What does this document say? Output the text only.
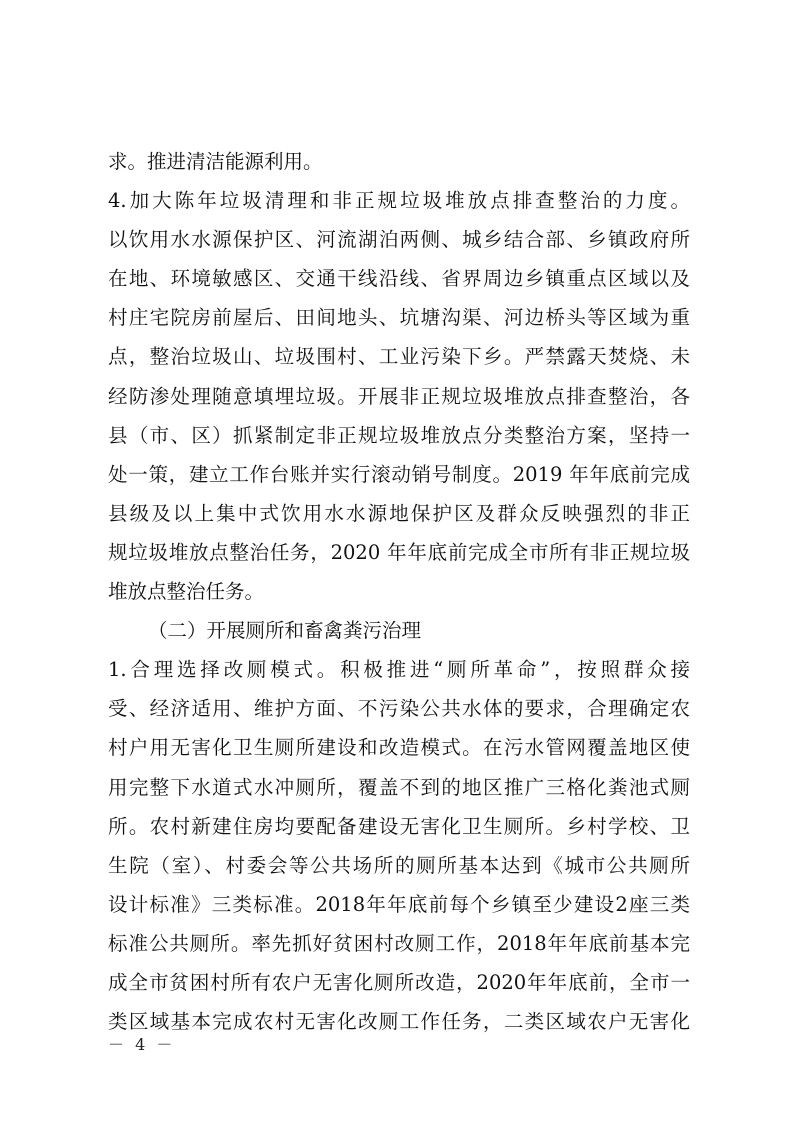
求。推进清洁能源利用。
4.加大陈年垃圾清理和非正规垃圾堆放点排查整治的力度。
以饮用水水源保护区、河流湖泊两侧、城乡结合部、乡镇政府所
在地、环境敏感区、交通干线沿线、省界周边乡镇重点区域以及
村庄宅院房前屋后、田间地头、坑塘沟渠、河边桥头等区域为重
点，整治垃圾山、垃圾围村、工业污染下乡。严禁露天焚烧、未
经防渗处理随意填埋垃圾。开展非正规垃圾堆放点排查整治，各
县（市、区）抓紧制定非正规垃圾堆放点分类整治方案，坚持一
处一策，建立工作台账并实行滚动销号制度。2019 年年底前完成
县级及以上集中式饮用水水源地保护区及群众反映强烈的非正
规垃圾堆放点整治任务，2020 年年底前完成全市所有非正规垃圾
堆放点整治任务。
（二）开展厕所和畜禽粪污治理
1.合理选择改厕模式。积极推进“厕所革命”，按照群众接
受、经济适用、维护方面、不污染公共水体的要求，合理确定农
村户用无害化卫生厕所建设和改造模式。在污水管网覆盖地区使
用完整下水道式水冲厕所，覆盖不到的地区推广三格化粪池式厕
所。农村新建住房均要配备建设无害化卫生厕所。乡村学校、卫
生院（室）、村委会等公共场所的厕所基本达到《城市公共厕所
设计标准》三类标准。2018年年底前每个乡镇至少建设2座三类
标准公共厕所。率先抓好贫困村改厕工作，2018年年底前基本完
成全市贫困村所有农户无害化厕所改造，2020年年底前，全市一
类区域基本完成农村无害化改厕工作任务，二类区域农户无害化
－ 4 －
